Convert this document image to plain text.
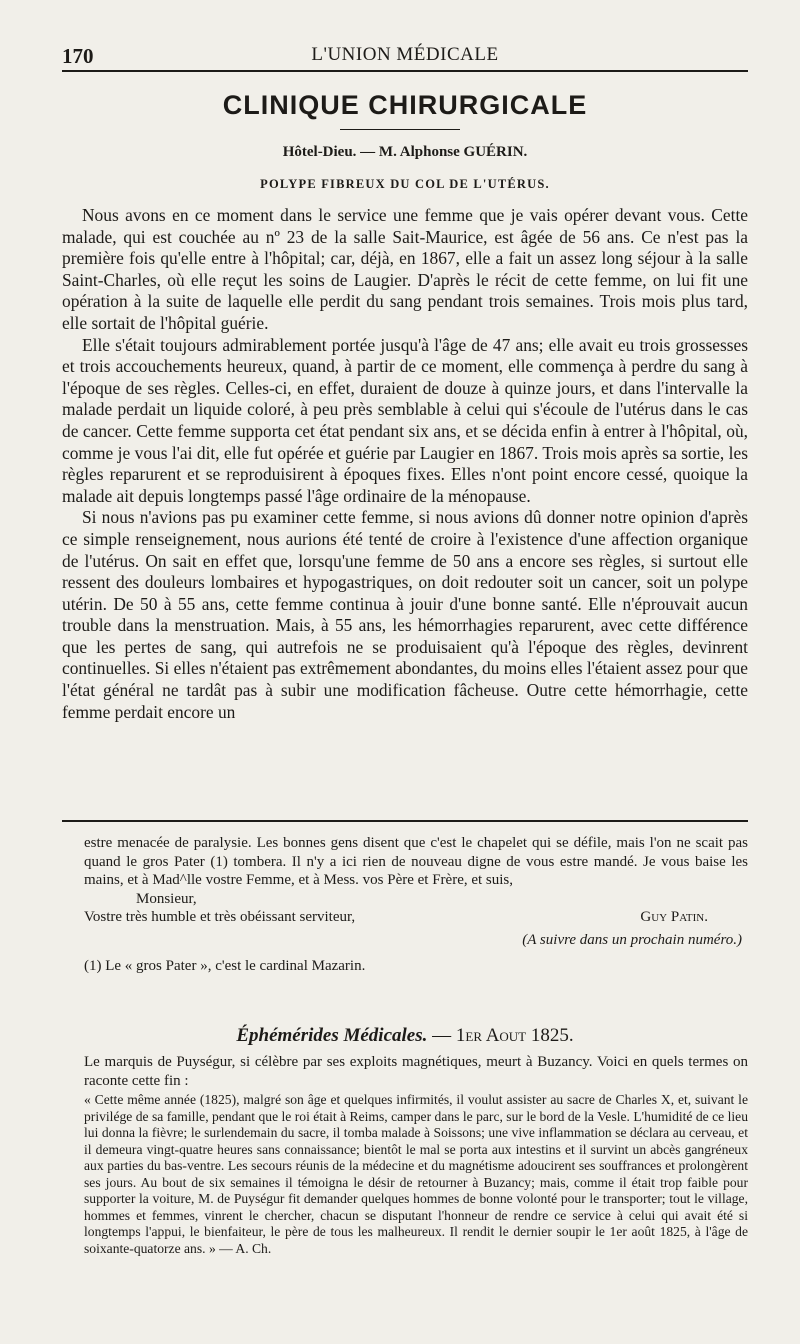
170	L'UNION MÉDICALE
CLINIQUE CHIRURGICALE
Hôtel-Dieu. — M. Alphonse GUÉRIN.
POLYPE FIBREUX DU COL DE L'UTÉRUS.

Nous avons en ce moment dans le service une femme que je vais opérer devant vous. Cette malade, qui est couchée au nº 23 de la salle Sait-Maurice, est âgée de 56 ans. Ce n'est pas la première fois qu'elle entre à l'hôpital; car, déjà, en 1867, elle a fait un assez long séjour à la salle Saint-Charles, où elle reçut les soins de Laugier. D'après le récit de cette femme, on lui fit une opération à la suite de laquelle elle perdit du sang pendant trois semaines. Trois mois plus tard, elle sortait de l'hôpital guérie.

Elle s'était toujours admirablement portée jusqu'à l'âge de 47 ans; elle avait eu trois grossesses et trois accouchements heureux, quand, à partir de ce moment, elle commença à perdre du sang à l'époque de ses règles. Celles-ci, en effet, duraient de douze à quinze jours, et dans l'intervalle la malade perdait un liquide coloré, à peu près semblable à celui qui s'écoule de l'utérus dans le cas de cancer. Cette femme supporta cet état pendant six ans, et se décida enfin à entrer à l'hôpital, où, comme je vous l'ai dit, elle fut opérée et guérie par Laugier en 1867. Trois mois après sa sortie, les règles reparurent et se reproduisirent à époques fixes. Elles n'ont point encore cessé, quoique la malade ait depuis longtemps passé l'âge ordinaire de la ménopause.

Si nous n'avions pas pu examiner cette femme, si nous avions dû donner notre opinion d'après ce simple renseignement, nous aurions été tenté de croire à l'existence d'une affection organique de l'utérus. On sait en effet que, lorsqu'une femme de 50 ans a encore ses règles, si surtout elle ressent des douleurs lombaires et hypogastriques, on doit redouter soit un cancer, soit un polype utérin. De 50 à 55 ans, cette femme continua à jouir d'une bonne santé. Elle n'éprouvait aucun trouble dans la menstruation. Mais, à 55 ans, les hémorrhagies reparurent, avec cette différence que les pertes de sang, qui autrefois ne se produisaient qu'à l'époque des règles, devinrent continuelles. Si elles n'étaient pas extrêmement abondantes, du moins elles l'étaient assez pour que l'état général ne tardât pas à subir une modification fâcheuse. Outre cette hémorrhagie, cette femme perdait encore un

estre menacée de paralysie. Les bonnes gens disent que c'est le chapelet qui se défile, mais l'on ne scait pas quand le gros Pater (1) tombera. Il n'y a ici rien de nouveau digne de vous estre mandé. Je vous baise les mains, et à Mad^lle vostre Femme, et à Mess. vos Père et Frère, et suis,

Monsieur,

Vostre très humble et très obéissant serviteur,	Guy Patin.

(A suivre dans un prochain numéro.)

(1) Le « gros Pater », c'est le cardinal Mazarin.

Éphémérides Médicales. — 1er Aout 1825.

Le marquis de Puységur, si célèbre par ses exploits magnétiques, meurt à Buzancy. Voici en quels termes on raconte cette fin :

« Cette même année (1825), malgré son âge et quelques infirmités, il voulut assister au sacre de Charles X, et, suivant le privilége de sa famille, pendant que le roi était à Reims, camper dans le parc, sur le bord de la Vesle. L'humidité de ce lieu lui donna la fièvre; le surlendemain du sacre, il tomba malade à Soissons; une vive inflammation se déclara au cerveau, et il demeura vingt-quatre heures sans connaissance; bientôt le mal se porta aux intestins et il survint un abcès gangréneux aux parties du bas-ventre. Les secours réunis de la médecine et du magnétisme adoucirent ses souffrances et prolongèrent ses jours. Au bout de six semaines il témoigna le désir de retourner à Buzancy; mais, comme il était trop faible pour supporter la voiture, M. de Puységur fit demander quelques hommes de bonne volonté pour le transporter; tout le village, hommes et femmes, vinrent le chercher, chacun se disputant l'honneur de rendre ce service à celui qui avait été si longtemps l'appui, le bienfaiteur, le père de tous les malheureux. Il rendit le dernier soupir le 1er août 1825, à l'âge de soixante-quatorze ans. » — A. Ch.
